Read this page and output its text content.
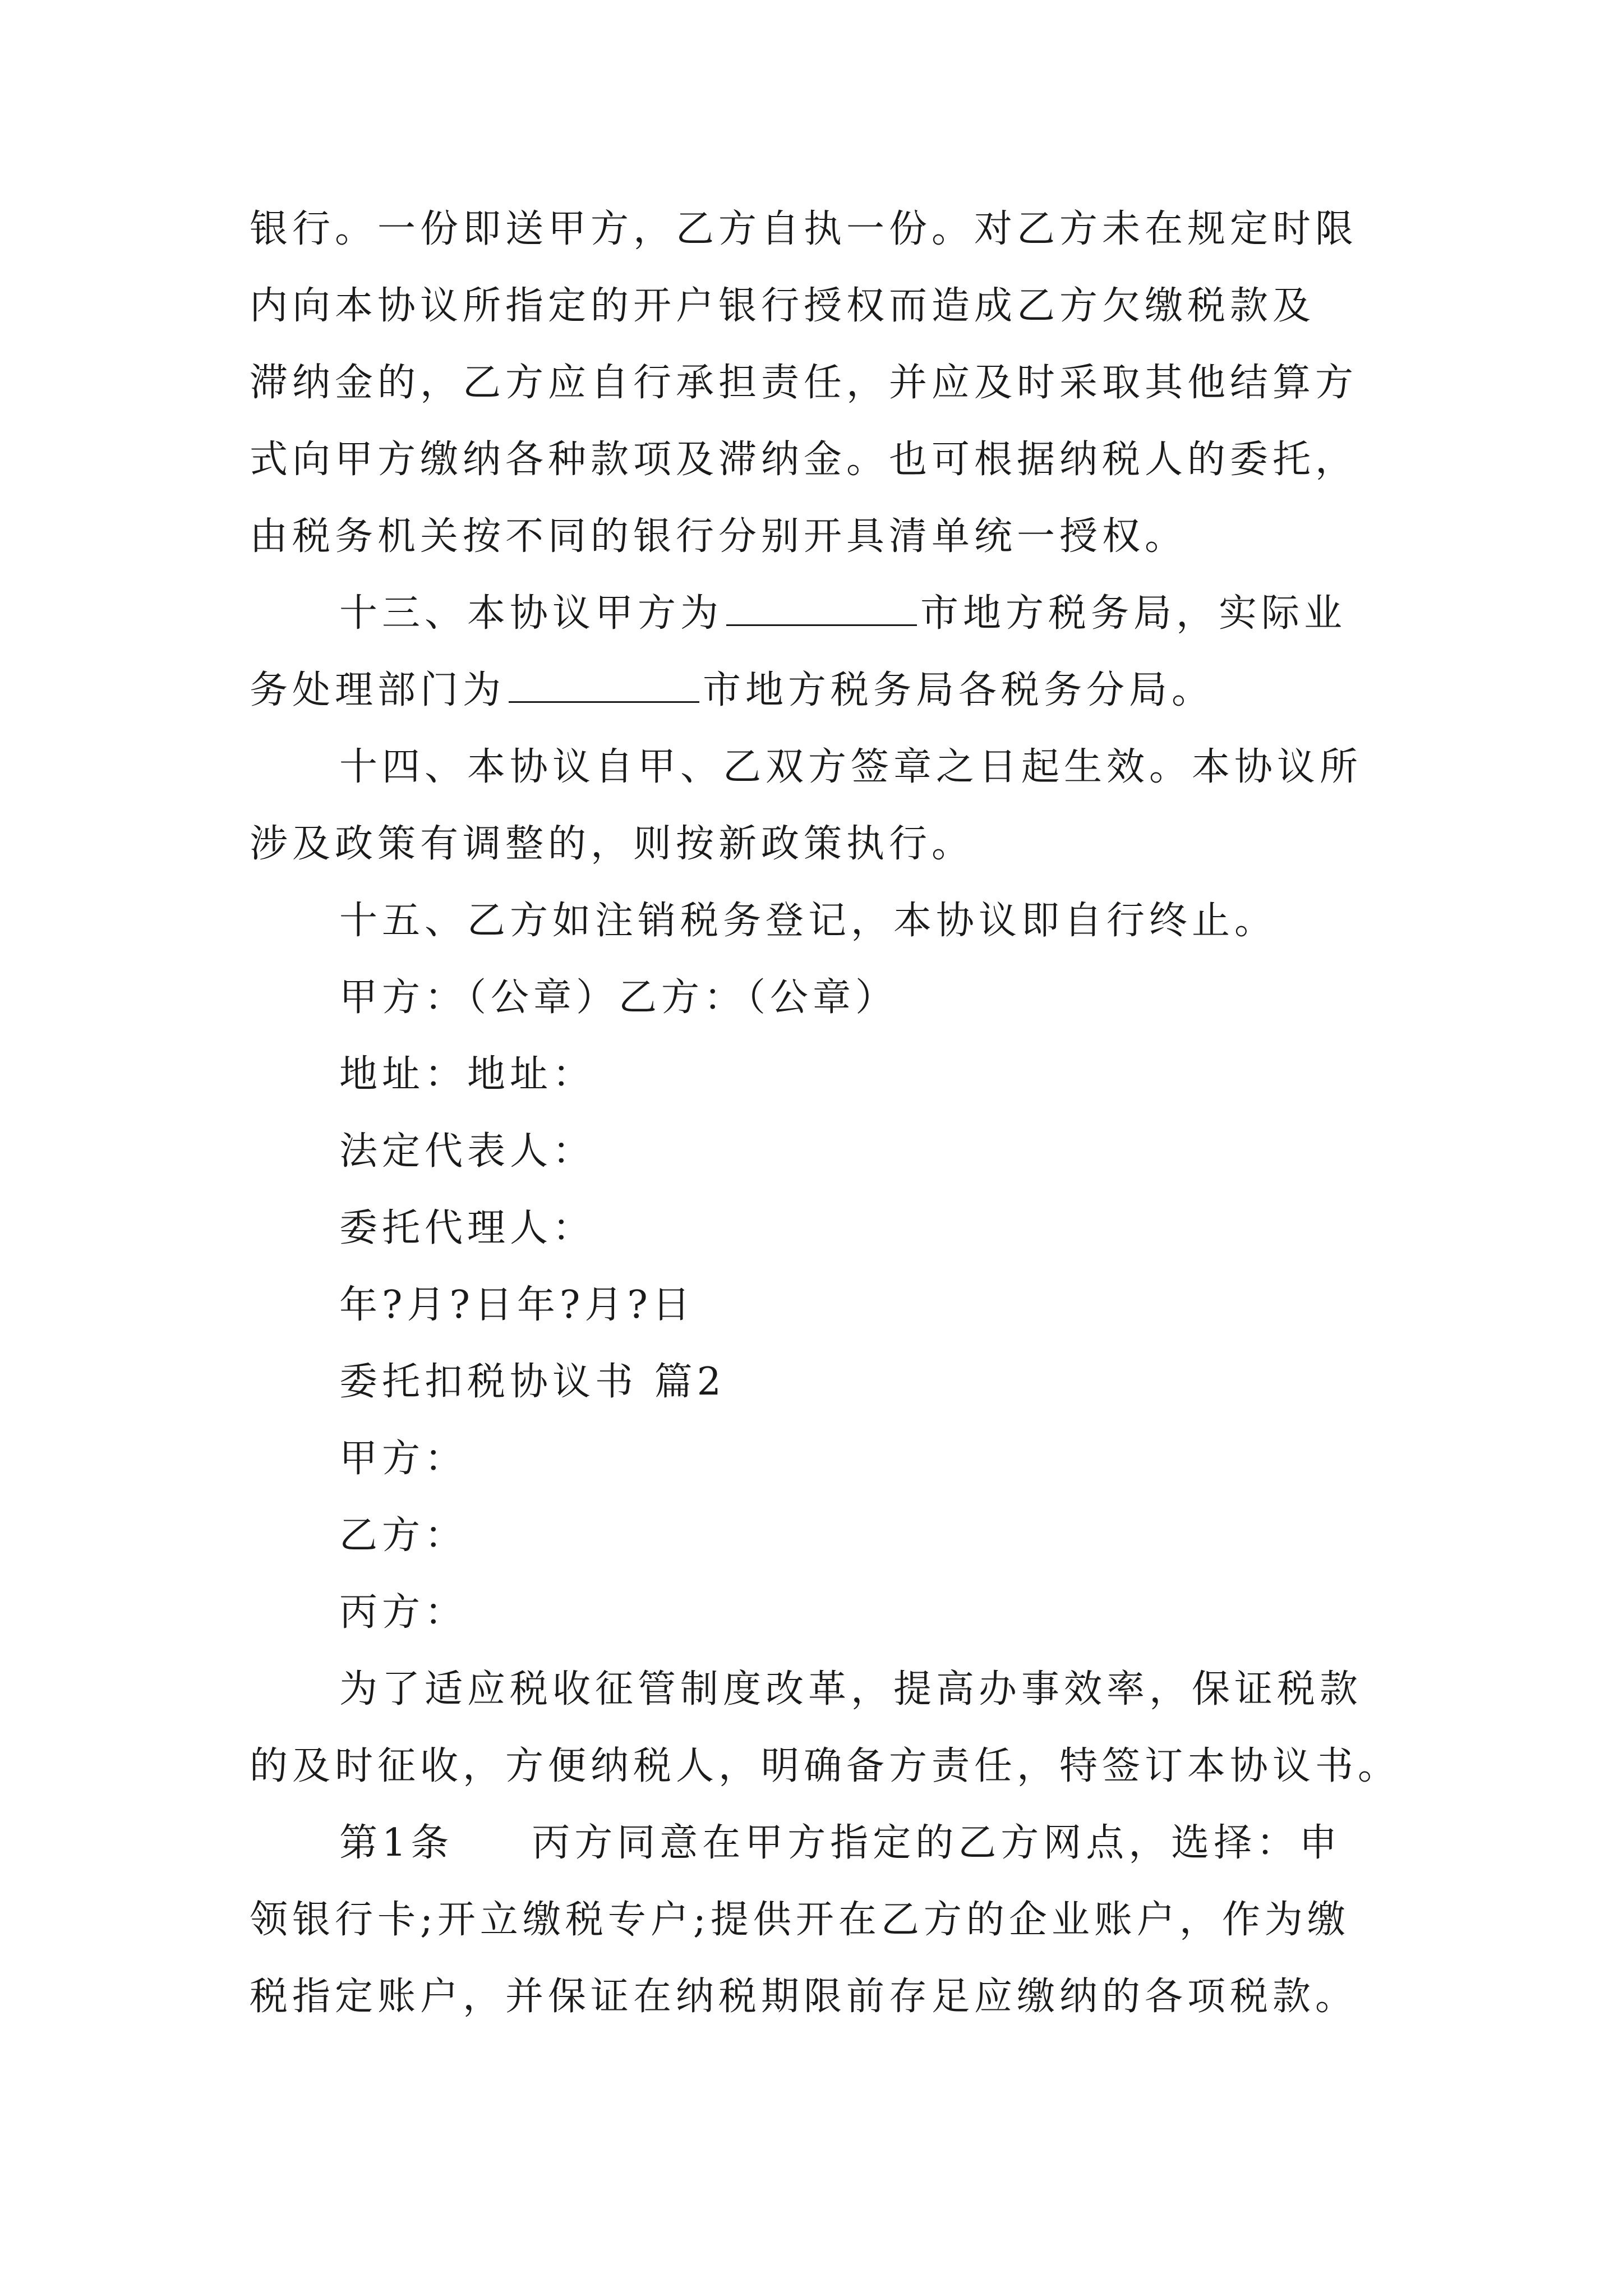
银行。一份即送甲方，乙方自执一份。对乙方未在规定时限
内向本协议所指定的开户银行授权而造成乙方欠缴税款及
滞纳金的，乙方应自行承担责任，并应及时采取其他结算方
式向甲方缴纳各种款项及滞纳金。也可根据纳税人的委托，
由税务机关按不同的银行分别开具清单统一授权。
十三、本协议甲方为	市地方税务局，实际业
务处理部门为	市地方税务局各税务分局。
十四、本协议自甲、乙双方签章之日起生效。本协议所
涉及政策有调整的，则按新政策执行。
十五、乙方如注销税务登记，本协议即自行终止。
甲方：（公章）乙方：（公章）
地址：地址：
法定代表人：
委托代理人：
年?月?日年?月?日
委托扣税协议书 篇2
甲方：
乙方：
丙方：
为了适应税收征管制度改革，提高办事效率，保证税款
的及时征收，方便纳税人，明确备方责任，特签订本协议书。
第1条 丙方同意在甲方指定的乙方网点，选择：申
领银行卡;开立缴税专户;提供开在乙方的企业账户，作为缴
税指定账户，并保证在纳税期限前存足应缴纳的各项税款。
